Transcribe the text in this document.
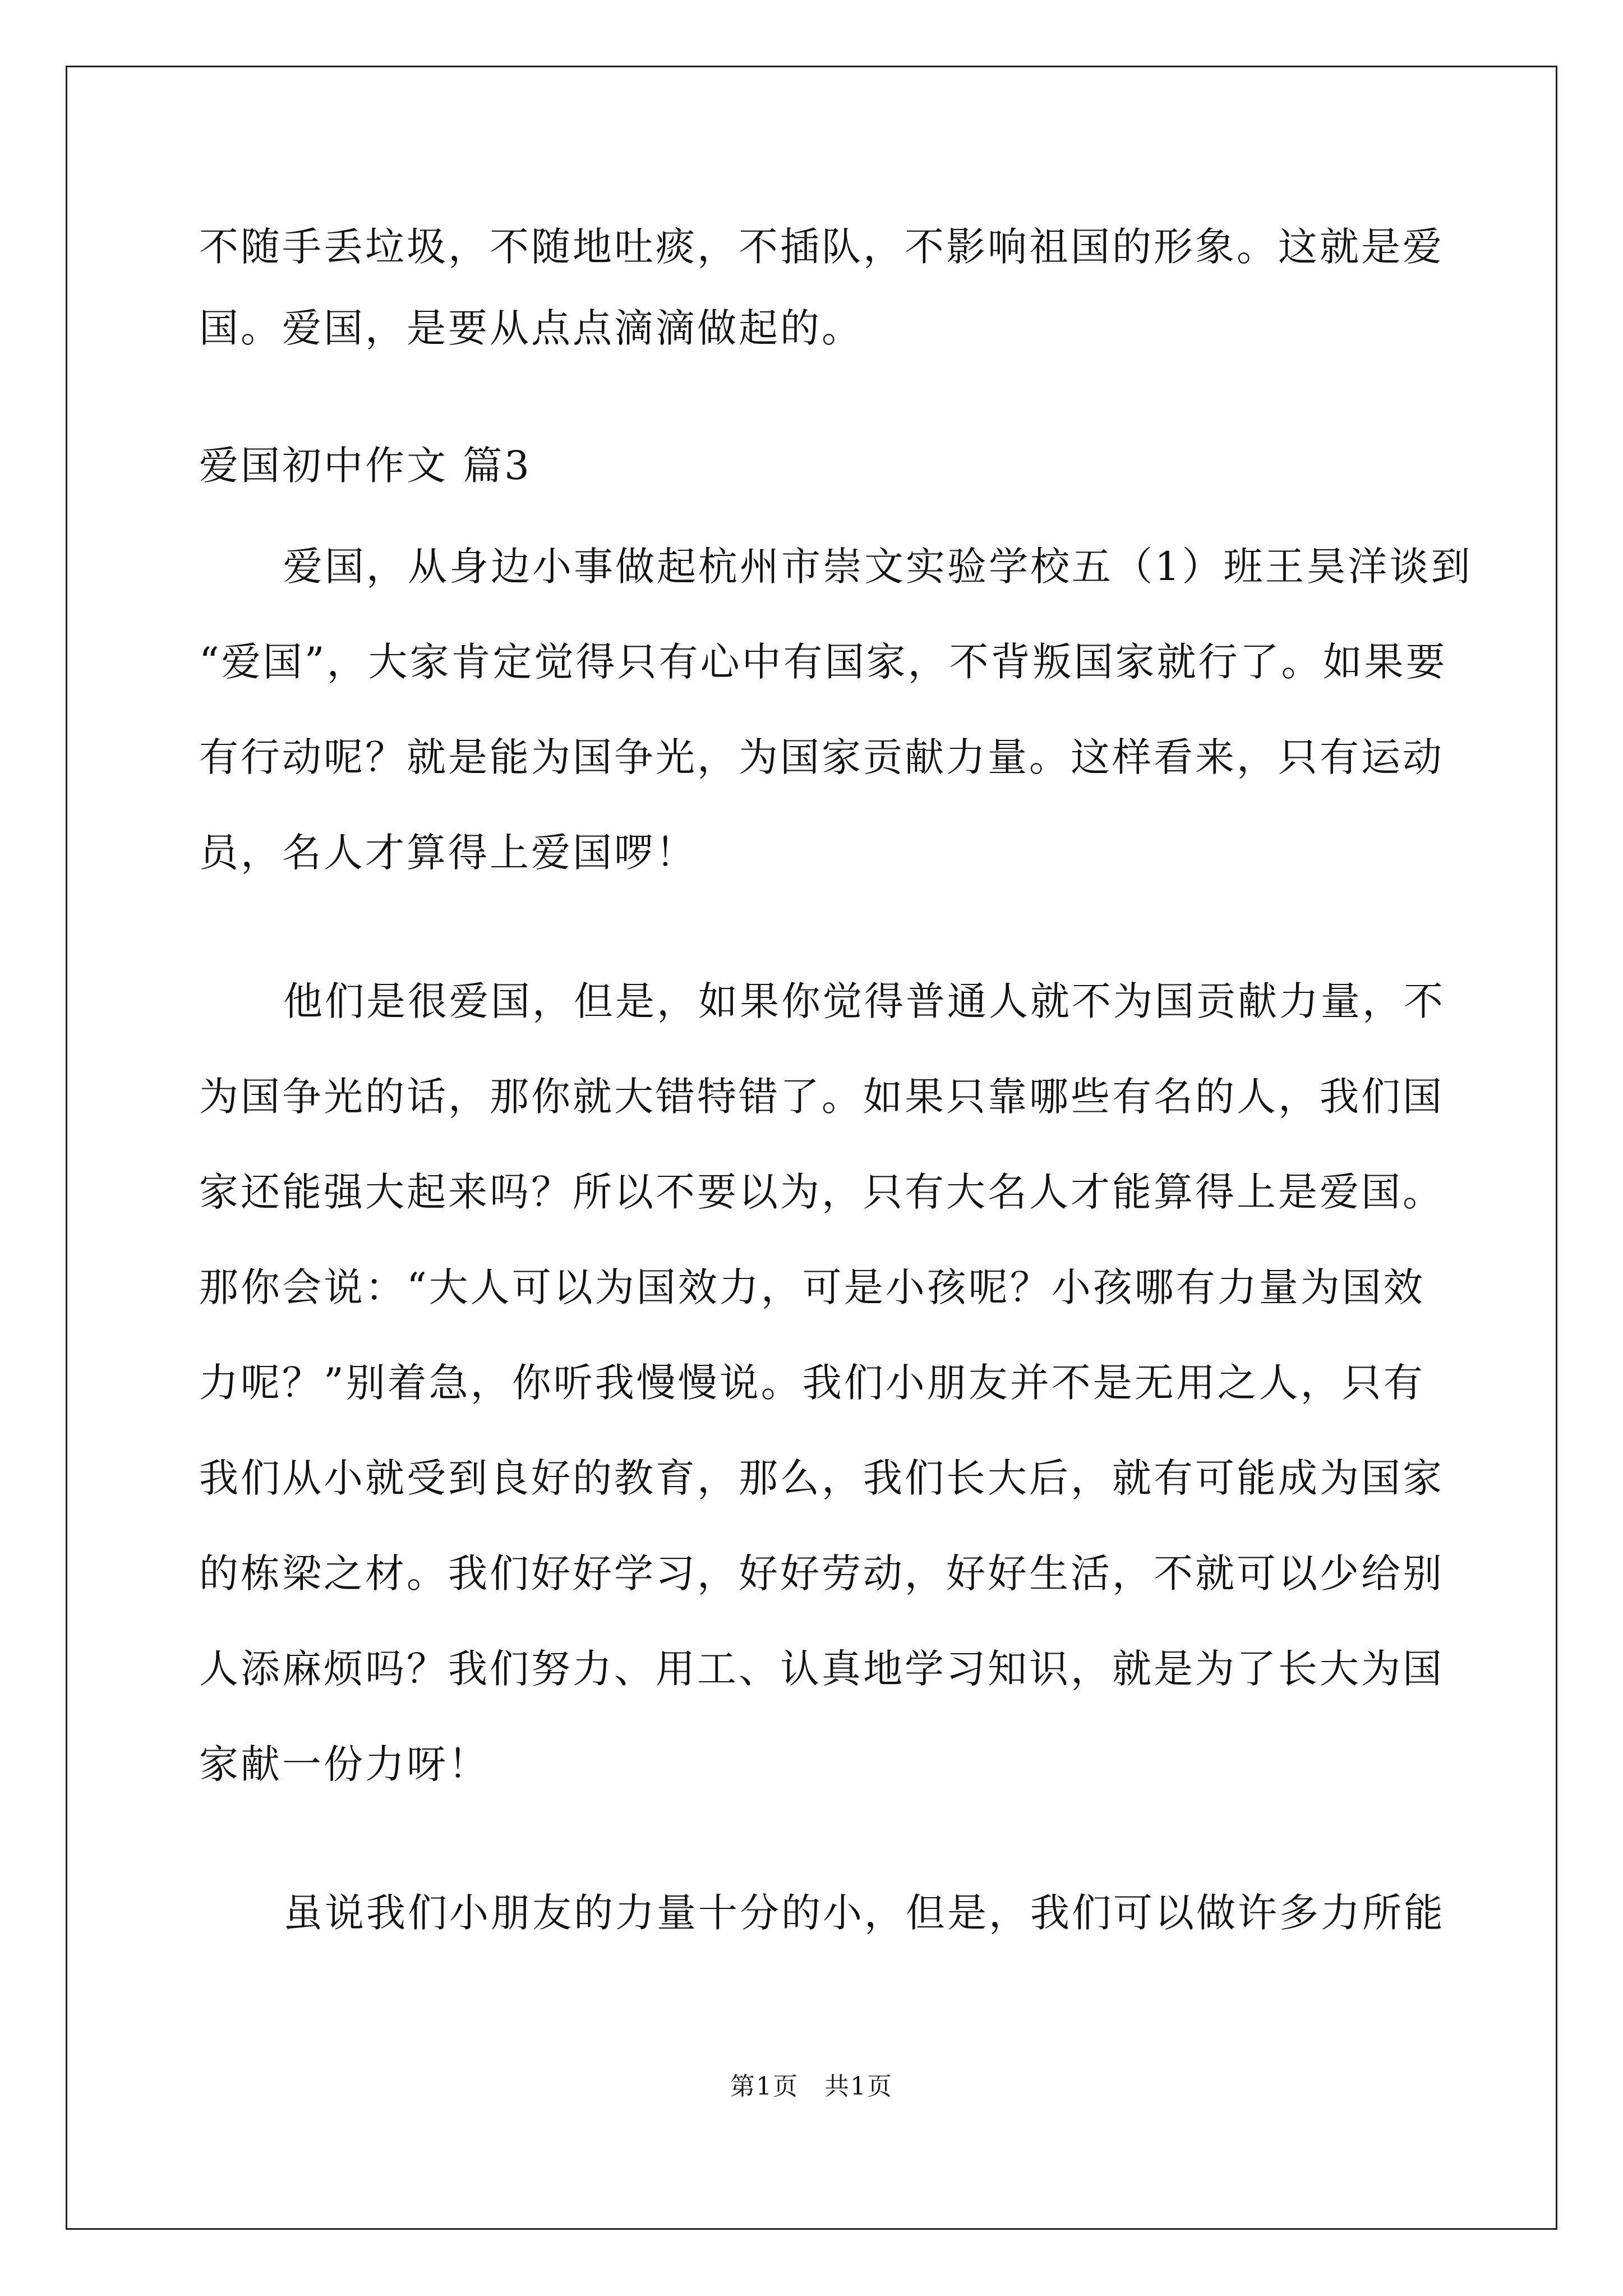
不随手丢垃圾，不随地吐痰，不插队，不影响祖国的形象。这就是爱
国。爱国，是要从点点滴滴做起的。
爱国初中作文 篇3
爱国，从身边小事做起杭州市崇文实验学校五（1）班王昊洋谈到
“爱国”，大家肯定觉得只有心中有国家，不背叛国家就行了。如果要
有行动呢？就是能为国争光，为国家贡献力量。这样看来，只有运动
员，名人才算得上爱国啰！
他们是很爱国，但是，如果你觉得普通人就不为国贡献力量，不
为国争光的话，那你就大错特错了。如果只靠哪些有名的人，我们国
家还能强大起来吗？所以不要以为，只有大名人才能算得上是爱国。
那你会说：“大人可以为国效力，可是小孩呢？小孩哪有力量为国效
力呢？”别着急，你听我慢慢说。我们小朋友并不是无用之人，只有
我们从小就受到良好的教育，那么，我们长大后，就有可能成为国家
的栋梁之材。我们好好学习，好好劳动，好好生活，不就可以少给别
人添麻烦吗？我们努力、用工、认真地学习知识，就是为了长大为国
家献一份力呀！
虽说我们小朋友的力量十分的小，但是，我们可以做许多力所能
第1页　共1页
